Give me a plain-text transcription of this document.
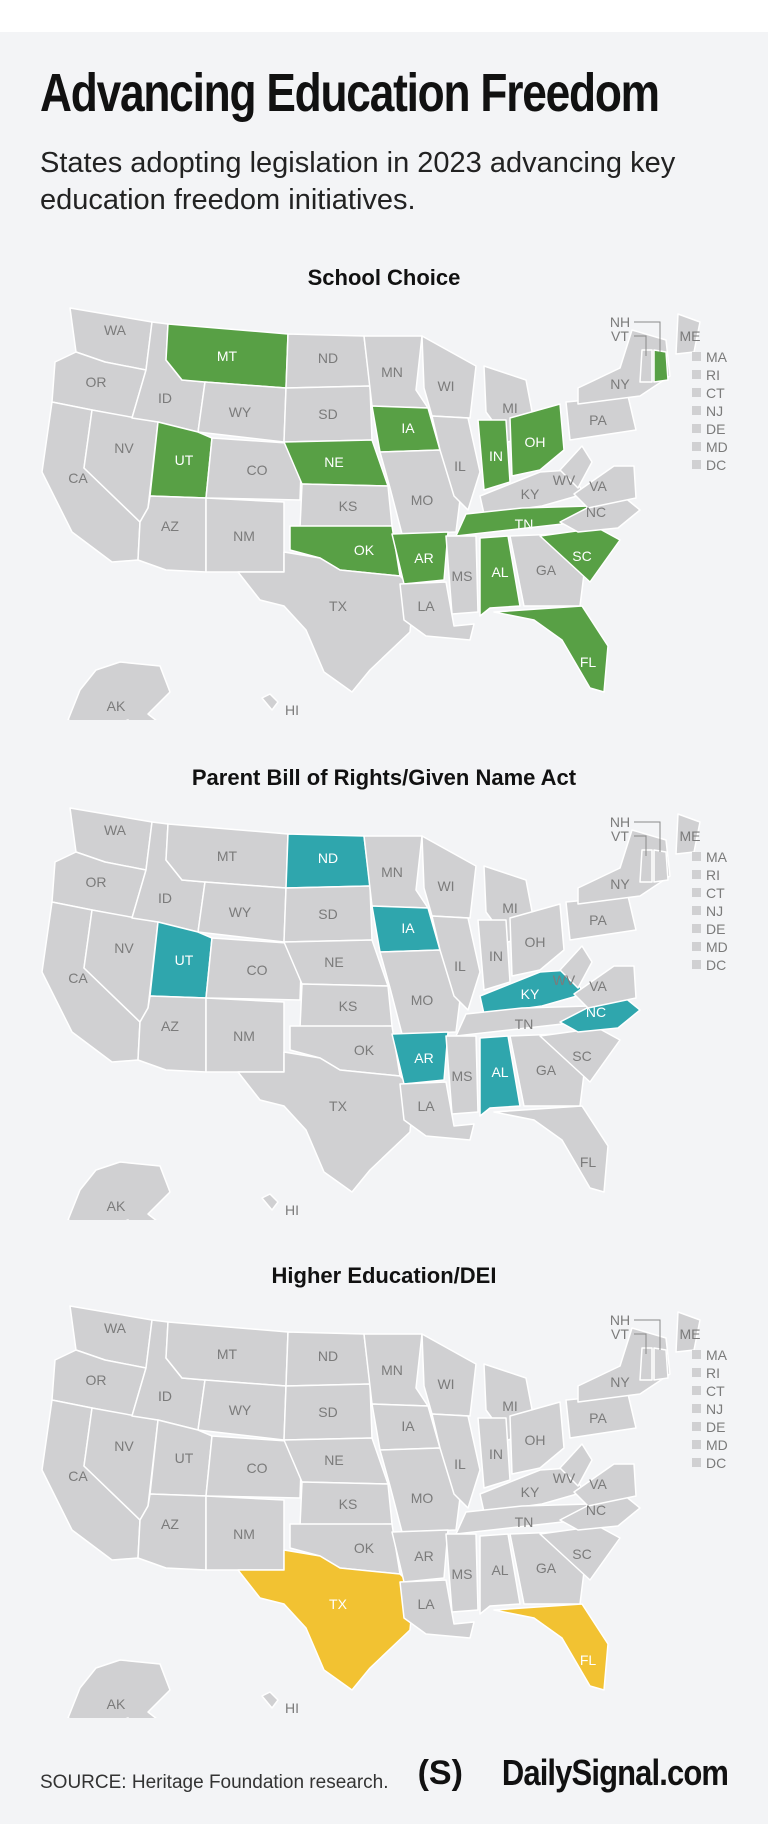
Advancing Education Freedom
States adopting legislation in 2023 advancing key education freedom initiatives.
School Choice
WA
OR
CA
NV
ID
MT
WY
UT
AZ
CO
NM
ND
SD
NE
KS
OK
TX
MN
IA
MO
AR
LA
WI
IL
MI
IN
OH
KY
TN
MS AL GA
FL
SC
NC
VA
WV
PA
NY
ME
NH
VT
AK	HI
MA
RI
CT
NJ
DE
MD
DC
Parent Bill of Rights/Given Name Act
WA
OR
CA
NV
ID
MT
WY
UT
AZ
CO
NM
ND
SD
NE
KS
OK
TX
MN
IA
MO
AR
LA
WI
IL
MI
IN
OH
KY
TN
MS AL GA
FL
SC
NC
VA
WV
PA
NY
ME
NH
VT
AK	HI
MA
RI
CT
NJ
DE
MD
DC
Higher Education/DEI
WA
OR
CA
NV
ID
MT
WY
UT
AZ
CO
NM
ND
SD
NE
KS
OK
TX
MN
IA
MO
AR
LA
WI
IL
MI
IN
OH
KY
TN
MS AL GA
FL
SC
NC
VA
WV
PA
NY
ME
NH
VT
AK	HI
MA
RI
CT
NJ
DE
MD
DC
SOURCE: Heritage Foundation research. (S) DailySignal.com
